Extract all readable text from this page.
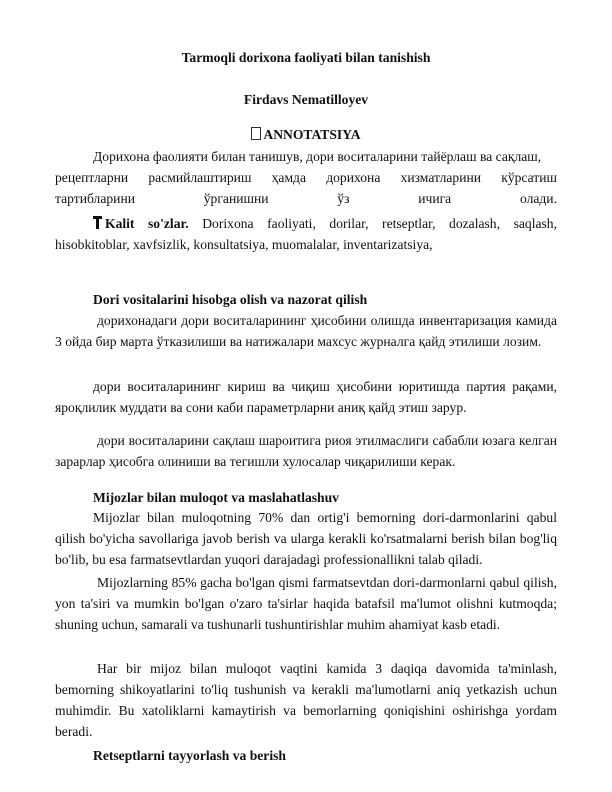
Tarmoqli dorixona faoliyati bilan tanishish
Firdavs Nematilloyev
ANNOTATSIYA
Дорихона фаолияти билан танишув, дори воситаларини тайёрлаш ва сақлаш,
рецептларни расмийлаштириш ҳамда дорихона хизматларини кўрсатиш
тартибларини	ўрганишни	ўз	ичига	олади.
Kalit so'zlar. Dorixona faoliyati, dorilar, retseptlar, dozalash, saqlash, hisobkitoblar, xavfsizlik, konsultatsiya, muomalalar, inventarizatsiya,
Dori vositalarini hisobga olish va nazorat qilish
дорихонадаги дори воситаларининг ҳисобини олишда инвентаризация камида 3 ойда бир марта ўтказилиши ва натижалари махсус журналга қайд этилиши лозим.
дори воситаларининг кириш ва чиқиш ҳисобини юритишда партия рақами, яроқлилик муддати ва сони каби параметрларни аниқ қайд этиш зарур.
дори воситаларини сақлаш шароитига риоя этилмаслиги сабабли юзага келган зарарлар ҳисобга олиниши ва тегишли хулосалар чиқарилиши керак.
Mijozlar bilan muloqot va maslahatlashuv
Mijozlar bilan muloqotning 70% dan ortig'i bemorning dori-darmonlarini qabul qilish bo'yicha savollariga javob berish va ularga kerakli ko'rsatmalarni berish bilan bog'liq bo'lib, bu esa farmatsevtlardan yuqori darajadagi professionallikni talab qiladi.
Mijozlarning 85% gacha bo'lgan qismi farmatsevtdan dori-darmonlarni qabul qilish, yon ta'siri va mumkin bo'lgan o'zaro ta'sirlar haqida batafsil ma'lumot olishni kutmoqda; shuning uchun, samarali va tushunarli tushuntirishlar muhim ahamiyat kasb etadi.
Har bir mijoz bilan muloqot vaqtini kamida 3 daqiqa davomida ta'minlash, bemorning shikoyatlarini to'liq tushunish va kerakli ma'lumotlarni aniq yetkazish uchun muhimdir. Bu xatoliklarni kamaytirish va bemorlarning qoniqishini oshirishga yordam beradi.
Retseptlarni tayyorlash va berish
